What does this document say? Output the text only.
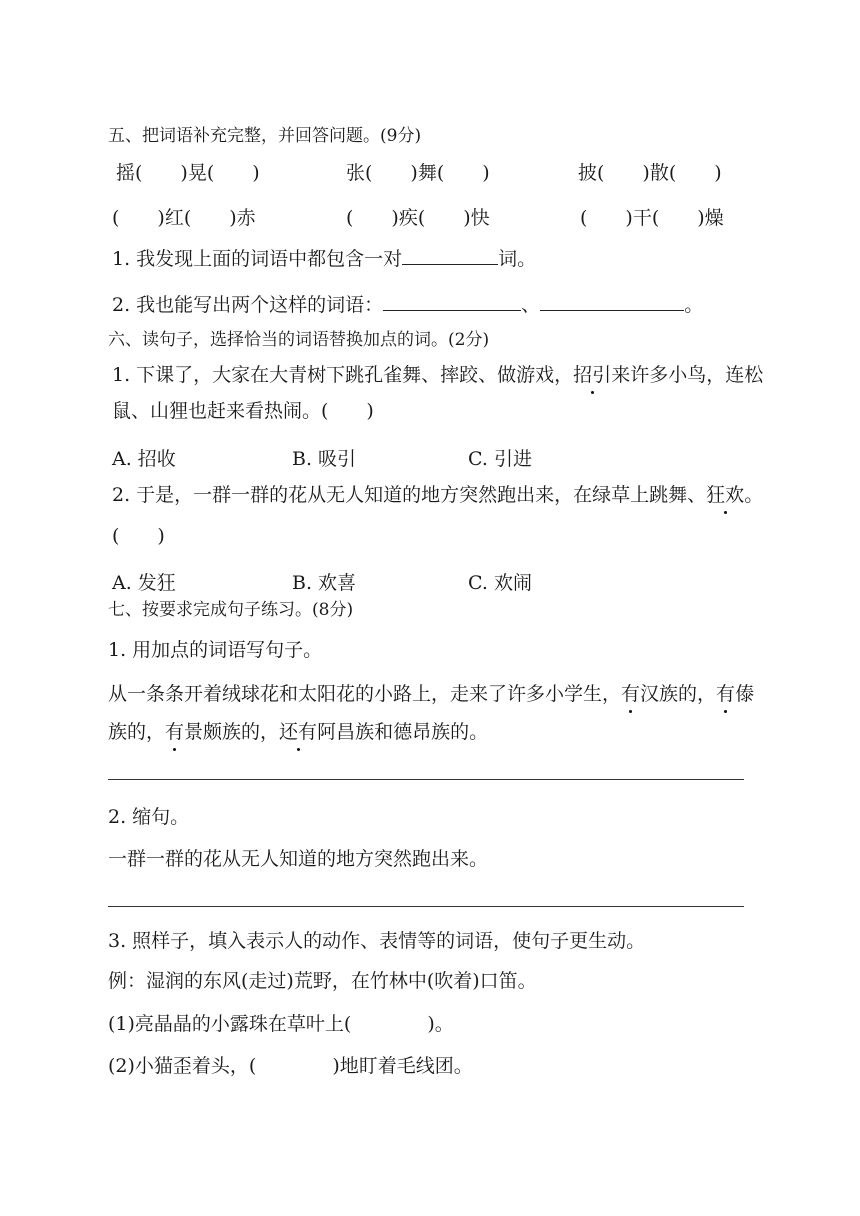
五、把词语补充完整，并回答问题。(9分)
摇(　　)晃(　　)	张(　　)舞(　　)	披(　　)散(　　)
(　　)红(　　)赤	(　　)疾(　　)快	(　　)干(　　)燥
1. 我发现上面的词语中都包含一对	词。
2. 我也能写出两个这样的词语：	、	。
六、读句子，选择恰当的词语替换加点的词。(2分)
1. 下课了，大家在大青树下跳孔雀舞、摔跤、做游戏，招引来许多小鸟，连松
鼠、山狸也赶来看热闹。(　　)
A. 招收	B. 吸引	C. 引进
2. 于是，一群一群的花从无人知道的地方突然跑出来，在绿草上跳舞、狂欢。
(　　)
A. 发狂	B. 欢喜	C. 欢闹
七、按要求完成句子练习。(8分)
1. 用加点的词语写句子。
从一条条开着绒球花和太阳花的小路上，走来了许多小学生，有汉族的，有傣
族的，有景颇族的，还有阿昌族和德昂族的。
2. 缩句。
一群一群的花从无人知道的地方突然跑出来。
3. 照样子，填入表示人的动作、表情等的词语，使句子更生动。
例：湿润的东风(走过)荒野，在竹林中(吹着)口笛。
(1)亮晶晶的小露珠在草叶上(　　　　)。
(2)小猫歪着头，(　　　　)地盯着毛线团。
